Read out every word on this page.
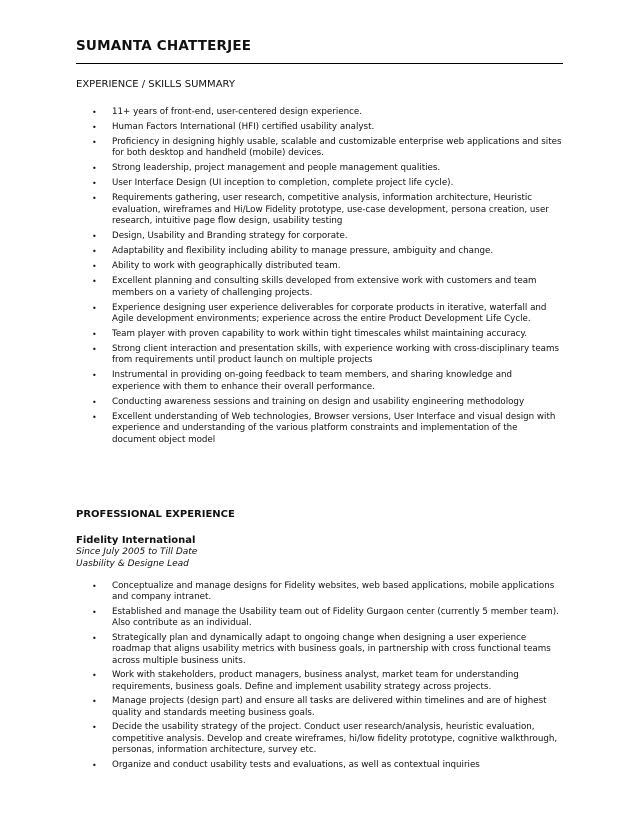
SUMANTA CHATTERJEE
EXPERIENCE / SKILLS SUMMARY
• 11+ years of front-end, user-centered design experience.
• Human Factors International (HFI) certified usability analyst.
• Proficiency in designing highly usable, scalable and customizable enterprise web applications and sites for both desktop and handheld (mobile) devices.
• Strong leadership, project management and people management qualities.
• User Interface Design (UI inception to completion, complete project life cycle).
• Requirements gathering, user research, competitive analysis, information architecture, Heuristic evaluation, wireframes and Hi/Low Fidelity prototype, use-case development, persona creation, user research, intuitive page flow design, usability testing
• Design, Usability and Branding strategy for corporate.
• Adaptability and flexibility including ability to manage pressure, ambiguity and change.
• Ability to work with geographically distributed team.
• Excellent planning and consulting skills developed from extensive work with customers and team members on a variety of challenging projects.
• Experience designing user experience deliverables for corporate products in iterative, waterfall and Agile development environments; experience across the entire Product Development Life Cycle.
• Team player with proven capability to work within tight timescales whilst maintaining accuracy.
• Strong client interaction and presentation skills, with experience working with cross-disciplinary teams from requirements until product launch on multiple projects
• Instrumental in providing on-going feedback to team members, and sharing knowledge and experience with them to enhance their overall performance.
• Conducting awareness sessions and training on design and usability engineering methodology
• Excellent understanding of Web technologies, Browser versions, User Interface and visual design with experience and understanding of the various platform constraints and implementation of the document object model
PROFESSIONAL EXPERIENCE
Fidelity International
Since July 2005 to Till Date
Uasbility & Designe Lead
• Conceptualize and manage designs for Fidelity websites, web based applications, mobile applications and company intranet.
• Established and manage the Usability team out of Fidelity Gurgaon center (currently 5 member team). Also contribute as an individual.
• Strategically plan and dynamically adapt to ongoing change when designing a user experience roadmap that aligns usability metrics with business goals, in partnership with cross functional teams across multiple business units.
• Work with stakeholders, product managers, business analyst, market team for understanding requirements, business goals. Define and implement usability strategy across projects.
• Manage projects (design part) and ensure all tasks are delivered within timelines and are of highest quality and standards meeting business goals.
• Decide the usability strategy of the project. Conduct user research/analysis, heuristic evaluation, competitive analysis. Develop and create wireframes, hi/low fidelity prototype, cognitive walkthrough, personas, information architecture, survey etc.
• Organize and conduct usability tests and evaluations, as well as contextual inquiries
